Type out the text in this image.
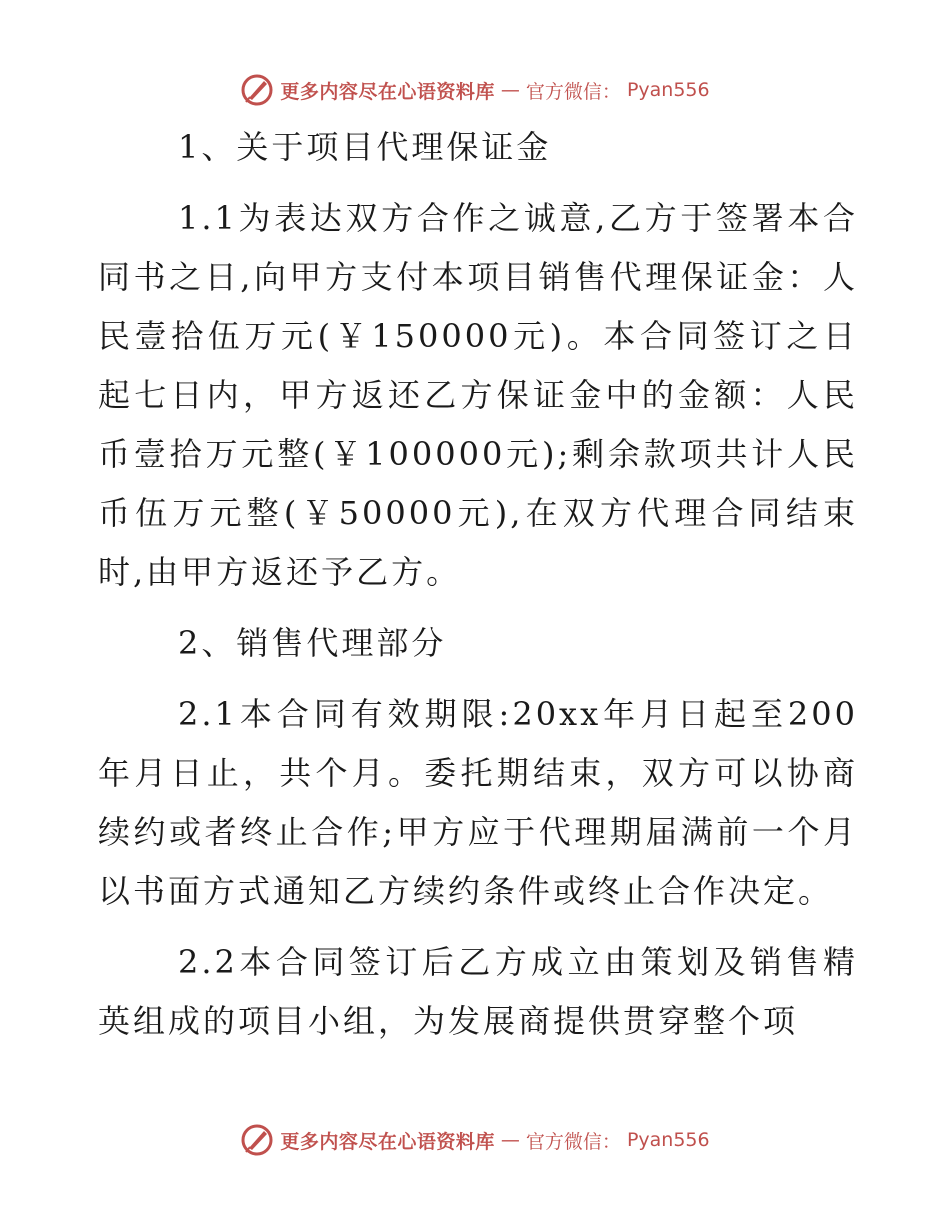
更多内容尽在心语资料库 — 官方微信： Pyan556

1、关于项目代理保证金

1.1为表达双方合作之诚意,乙方于签署本合同书之日,向甲方支付本项目销售代理保证金：人民壹拾伍万元(￥150000元)。本合同签订之日起七日内，甲方返还乙方保证金中的金额：人民币壹拾万元整(￥100000元);剩余款项共计人民币伍万元整(￥50000元),在双方代理合同结束时,由甲方返还予乙方。

2、销售代理部分

2.1本合同有效期限:20xx年月日起至200年月日止，共个月。委托期结束，双方可以协商续约或者终止合作;甲方应于代理期届满前一个月以书面方式通知乙方续约条件或终止合作决定。

2.2本合同签订后乙方成立由策划及销售精英组成的项目小组，为发展商提供贯穿整个项

更多内容尽在心语资料库 — 官方微信： Pyan556
